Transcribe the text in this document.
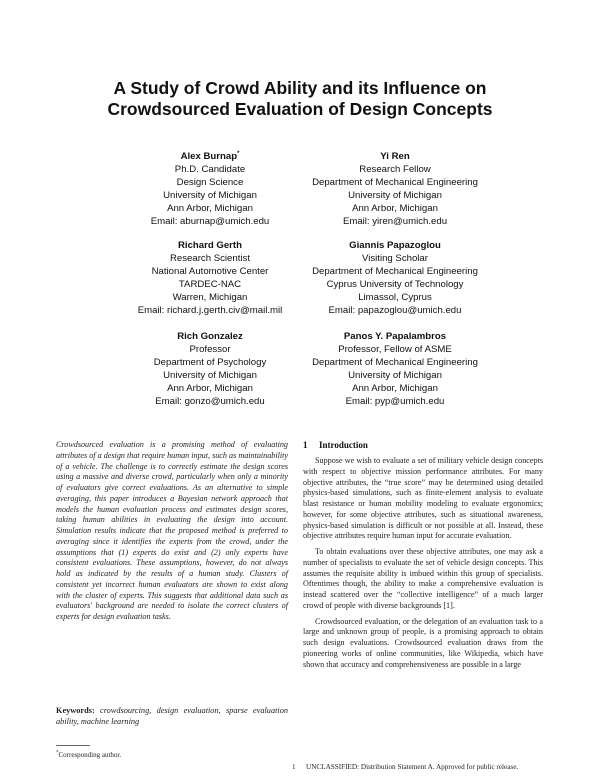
A Study of Crowd Ability and its Influence on
Crowdsourced Evaluation of Design Concepts
Alex Burnap*
Ph.D. Candidate
Design Science
University of Michigan
Ann Arbor, Michigan
Email: aburnap@umich.edu
Yi Ren
Research Fellow
Department of Mechanical Engineering
University of Michigan
Ann Arbor, Michigan
Email: yiren@umich.edu
Richard Gerth
Research Scientist
National Automotive Center
TARDEC-NAC
Warren, Michigan
Email: richard.j.gerth.civ@mail.mil
Giannis Papazoglou
Visiting Scholar
Department of Mechanical Engineering
Cyprus University of Technology
Limassol, Cyprus
Email: papazoglou@umich.edu
Rich Gonzalez
Professor
Department of Psychology
University of Michigan
Ann Arbor, Michigan
Email: gonzo@umich.edu
Panos Y. Papalambros
Professor, Fellow of ASME
Department of Mechanical Engineering
University of Michigan
Ann Arbor, Michigan
Email: pyp@umich.edu
Crowdsourced evaluation is a promising method of evaluating attributes of a design that require human input, such as maintainability of a vehicle. The challenge is to correctly estimate the design scores using a massive and diverse crowd, particularly when only a minority of evaluators give correct evaluations. As an alternative to simple averaging, this paper introduces a Bayesian network approach that models the human evaluation process and estimates design scores, taking human abilities in evaluating the design into account. Simulation results indicate that the proposed method is preferred to averaging since it identifies the experts from the crowd, under the assumptions that (1) experts do exist and (2) only experts have consistent evaluations. These assumptions, however, do not always hold as indicated by the results of a human study. Clusters of consistent yet incorrect human evaluators are shown to exist along with the cluster of experts. This suggests that additional data such as evaluators' background are needed to isolate the correct clusters of experts for design evaluation tasks.
Keywords: crowdsourcing, design evaluation, sparse evaluation ability, machine learning
*Corresponding author.
1 Introduction

Suppose we wish to evaluate a set of military vehicle design concepts with respect to objective mission performance attributes. For many objective attributes, the “true score” may be determined using detailed physics-based simulations, such as finite-element analysis to evaluate blast resistance or human mobility modeling to evaluate ergonomics; however, for some objective attributes, such as situational awareness, physics-based simulation is difficult or not possible at all. Instead, these objective attributes require human input for accurate evaluation.

To obtain evaluations over these objective attributes, one may ask a number of specialists to evaluate the set of vehicle design concepts. This assumes the requisite ability is imbued within this group of specialists. Oftentimes though, the ability to make a comprehensive evaluation is instead scattered over the “collective intelligence” of a much larger crowd of people with diverse backgrounds [1].

Crowdsourced evaluation, or the delegation of an evaluation task to a large and unknown group of people, is a promising approach to obtain such design evaluations. Crowdsourced evaluation draws from the pioneering works of online communities, like Wikipedia, which have shown that accuracy and comprehensiveness are possible in a large

1 UNCLASSIFIED: Distribution Statement A. Approved for public release.
